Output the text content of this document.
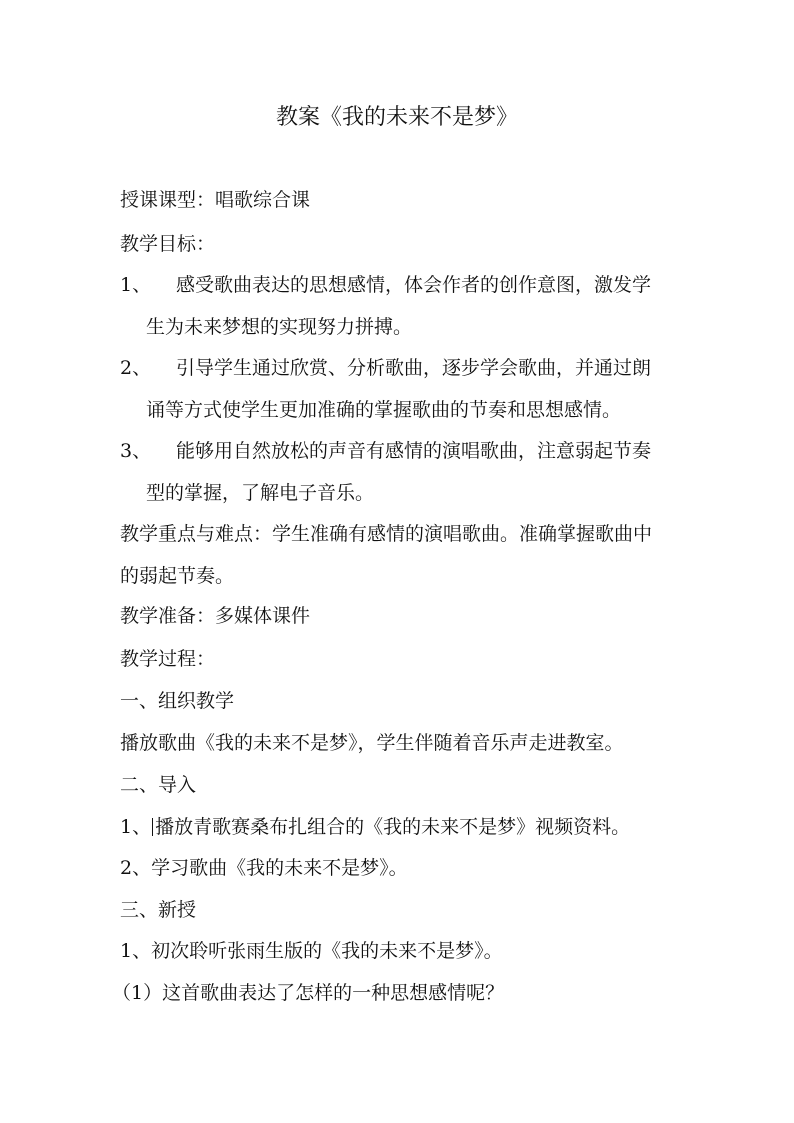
教案《我的未来不是梦》
授课课型：唱歌综合课
教学目标：
1、 感受歌曲表达的思想感情，体会作者的创作意图，激发学
生为未来梦想的实现努力拼搏。
2、 引导学生通过欣赏、分析歌曲，逐步学会歌曲，并通过朗
诵等方式使学生更加准确的掌握歌曲的节奏和思想感情。
3、 能够用自然放松的声音有感情的演唱歌曲，注意弱起节奏
型的掌握，了解电子音乐。
教学重点与难点：学生准确有感情的演唱歌曲。准确掌握歌曲中
的弱起节奏。
教学准备：多媒体课件
教学过程：
一、组织教学
播放歌曲《我的未来不是梦》，学生伴随着音乐声走进教室。
二、导入
1、 播放青歌赛桑布扎组合的《我的未来不是梦》视频资料。
2、学习歌曲《我的未来不是梦》。
三、新授
1、初次聆听张雨生版的《我的未来不是梦》。
（1）这首歌曲表达了怎样的一种思想感情呢？
